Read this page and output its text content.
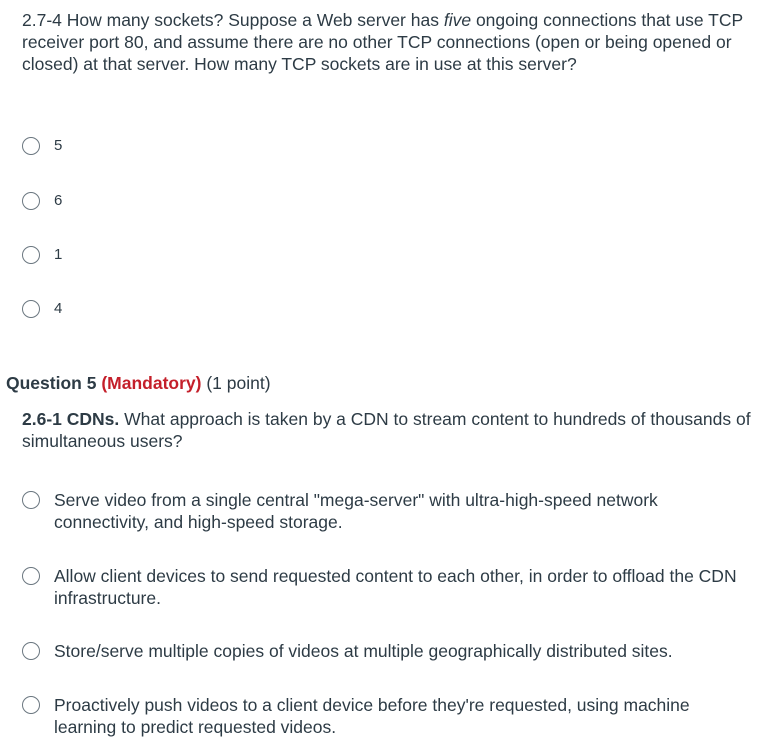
2.7-4 How many sockets? Suppose a Web server has five ongoing connections that use TCP receiver port 80, and assume there are no other TCP connections (open or being opened or closed) at that server. How many TCP sockets are in use at this server?
5
6
1
4
Question 5 (Mandatory) (1 point)
2.6-1 CDNs. What approach is taken by a CDN to stream content to hundreds of thousands of simultaneous users?
Serve video from a single central "mega-server" with ultra-high-speed network connectivity, and high-speed storage.
Allow client devices to send requested content to each other, in order to offload the CDN infrastructure.
Store/serve multiple copies of videos at multiple geographically distributed sites.
Proactively push videos to a client device before they're requested, using machine learning to predict requested videos.
